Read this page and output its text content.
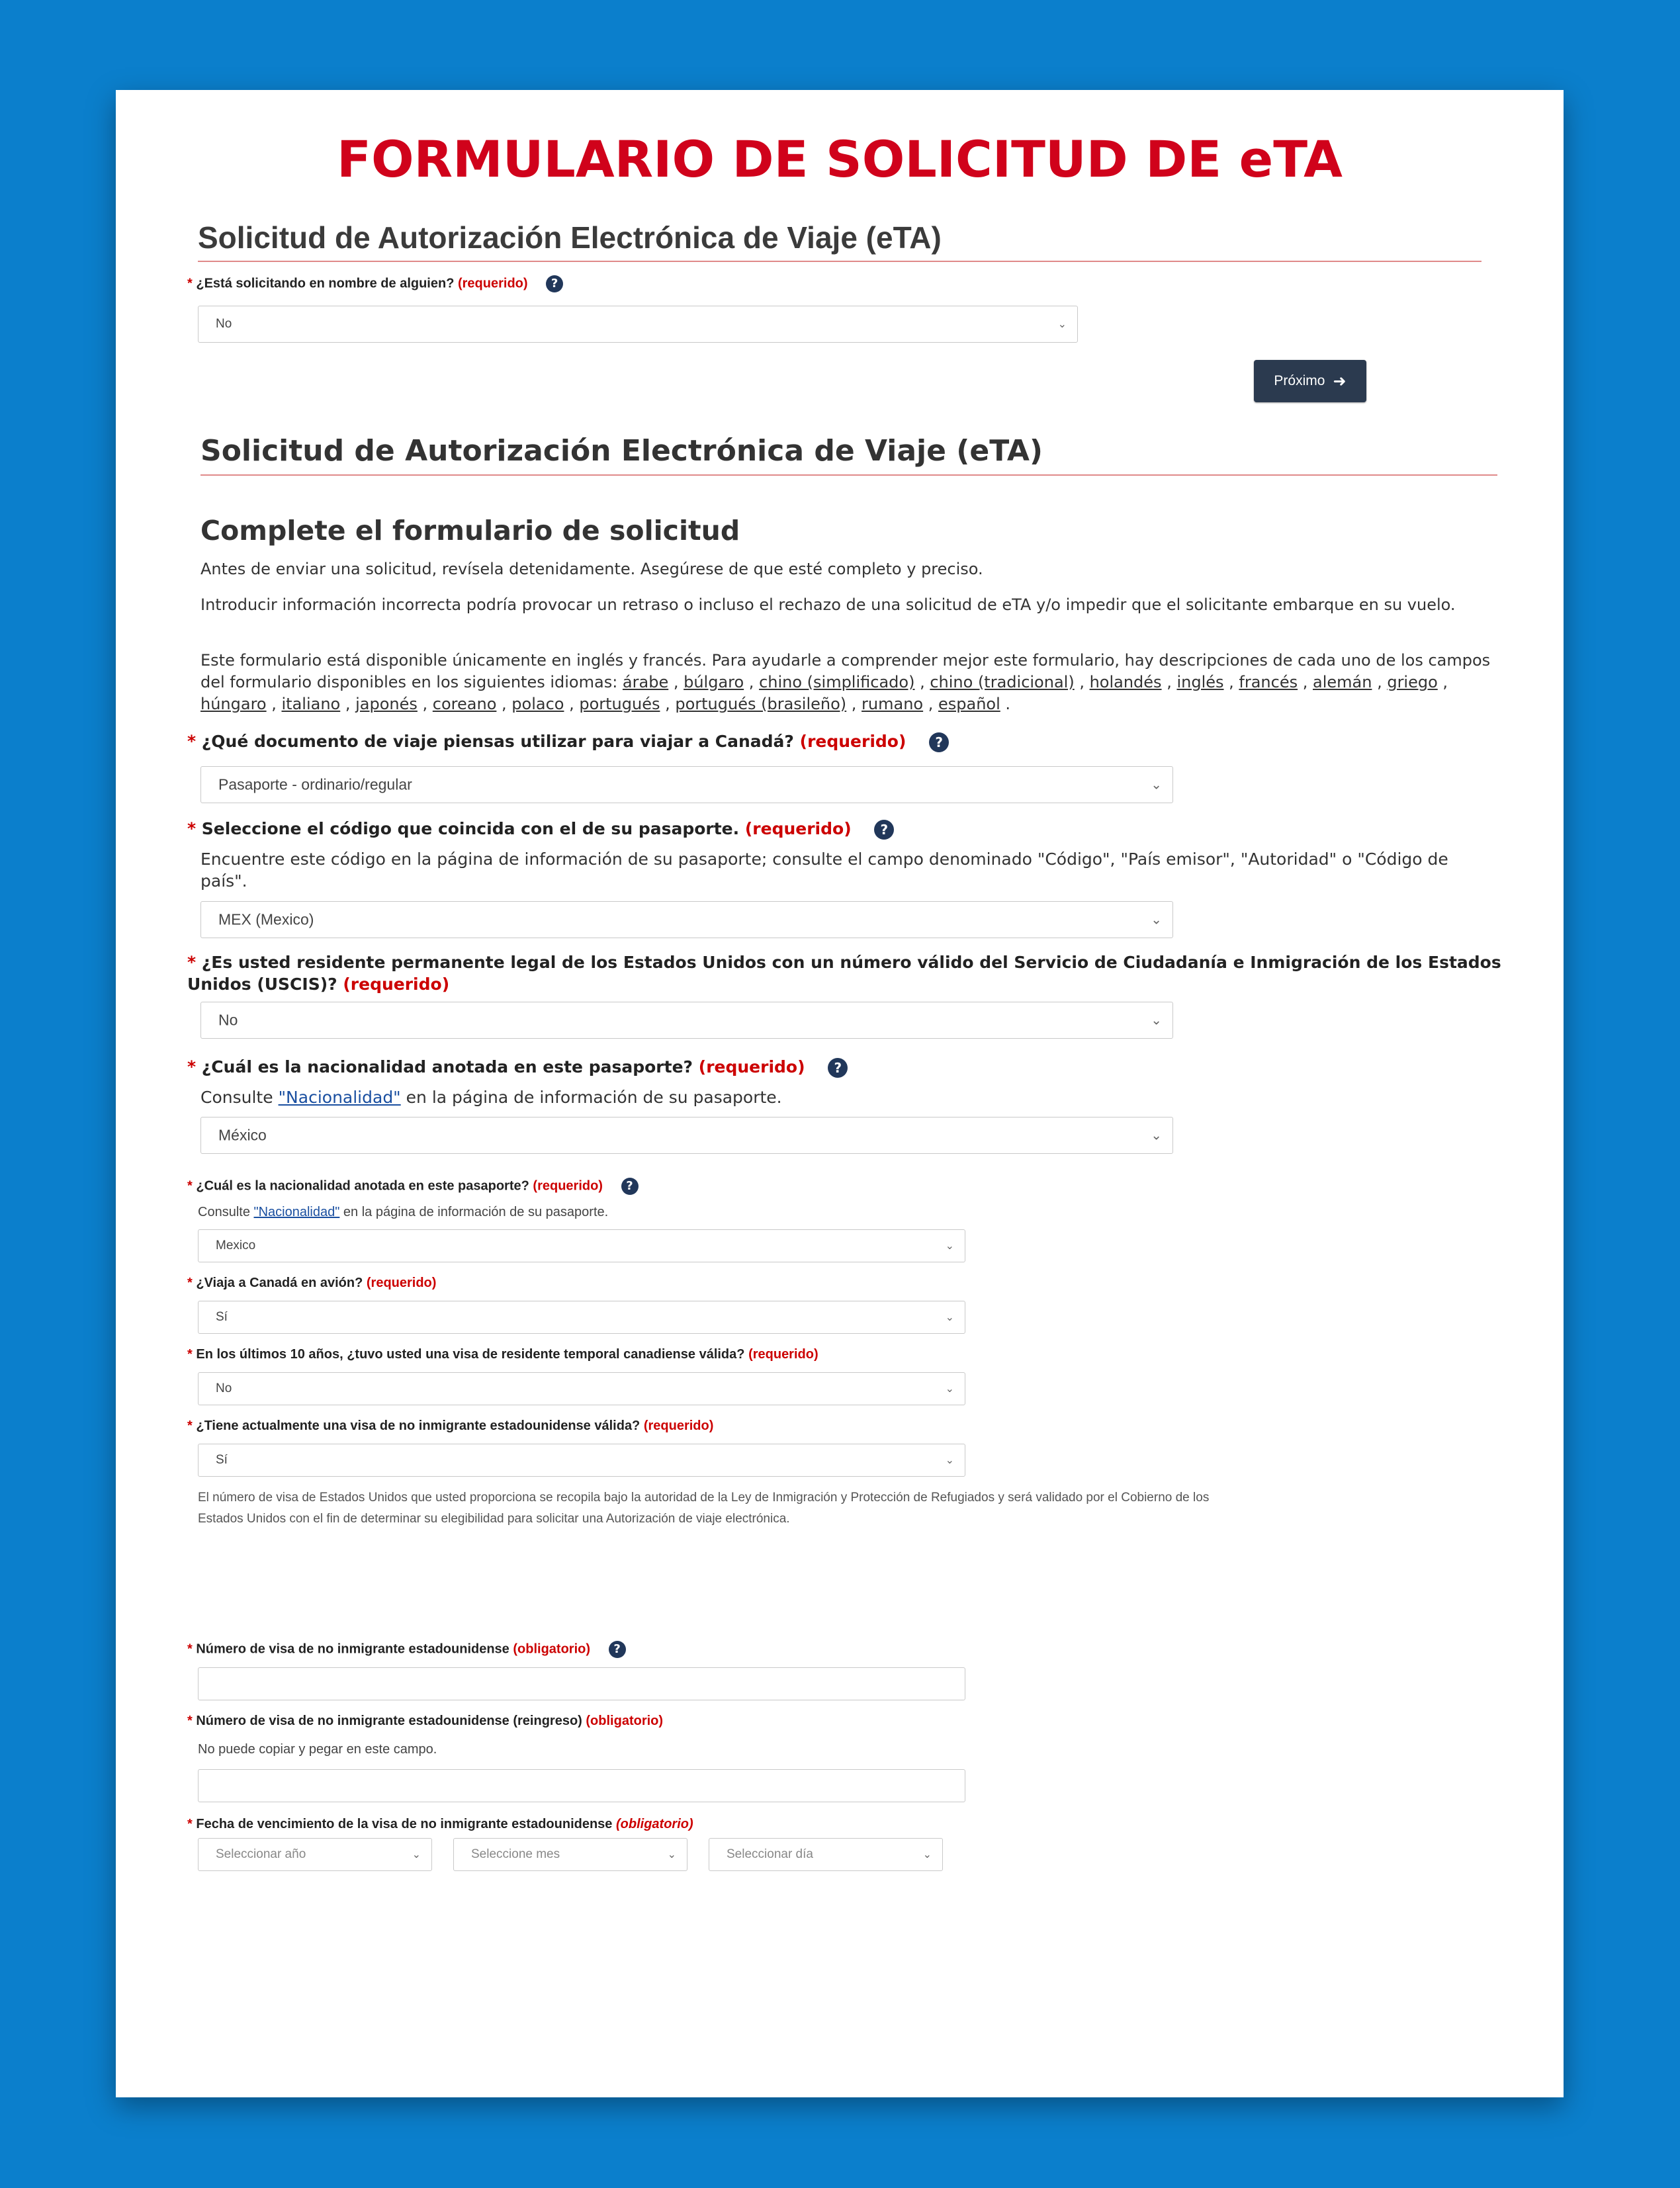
FORMULARIO DE SOLICITUD DE eTA
Solicitud de Autorización Electrónica de Viaje (eTA)
* ¿Está solicitando en nombre de alguien? (requerido) ?
No	⌄
Próximo ➜
Solicitud de Autorización Electrónica de Viaje (eTA)
Complete el formulario de solicitud
Antes de enviar una solicitud, revísela detenidamente. Asegúrese de que esté completo y preciso.
Introducir información incorrecta podría provocar un retraso o incluso el rechazo de una solicitud de eTA y/o impedir que el solicitante embarque en su vuelo.
Este formulario está disponible únicamente en inglés y francés. Para ayudarle a comprender mejor este formulario, hay descripciones de cada uno de los campos del formulario disponibles en los siguientes idiomas: árabe , búlgaro , chino (simplificado) , chino (tradicional) , holandés , inglés , francés , alemán , griego , húngaro , italiano , japonés , coreano , polaco , portugués , portugués (brasileño) , rumano , español .
* ¿Qué documento de viaje piensas utilizar para viajar a Canadá? (requerido) ?
Pasaporte - ordinario/regular	⌄
* Seleccione el código que coincida con el de su pasaporte. (requerido) ?
Encuentre este código en la página de información de su pasaporte; consulte el campo denominado "Código", "País emisor", "Autoridad" o "Código de país".
MEX (Mexico)	⌄
* ¿Es usted residente permanente legal de los Estados Unidos con un número válido del Servicio de Ciudadanía e Inmigración de los Estados Unidos (USCIS)? (requerido)
No	⌄
* ¿Cuál es la nacionalidad anotada en este pasaporte? (requerido) ?
Consulte "Nacionalidad" en la página de información de su pasaporte.
México	⌄
* ¿Cuál es la nacionalidad anotada en este pasaporte? (requerido) ?
Consulte "Nacionalidad" en la página de información de su pasaporte.
Mexico	⌄
* ¿Viaja a Canadá en avión? (requerido)
Sí	⌄
* En los últimos 10 años, ¿tuvo usted una visa de residente temporal canadiense válida? (requerido)
No	⌄
* ¿Tiene actualmente una visa de no inmigrante estadounidense válida? (requerido)
Sí	⌄
El número de visa de Estados Unidos que usted proporciona se recopila bajo la autoridad de la Ley de Inmigración y Protección de Refugiados y será validado por el Cobierno de los Estados Unidos con el fin de determinar su elegibilidad para solicitar una Autorización de viaje electrónica.
* Número de visa de no inmigrante estadounidense (obligatorio) ?
* Número de visa de no inmigrante estadounidense (reingreso) (obligatorio)
No puede copiar y pegar en este campo.
* Fecha de vencimiento de la visa de no inmigrante estadounidense (obligatorio)
Seleccionar año	⌄	Seleccione mes	⌄	Seleccionar día	⌄
